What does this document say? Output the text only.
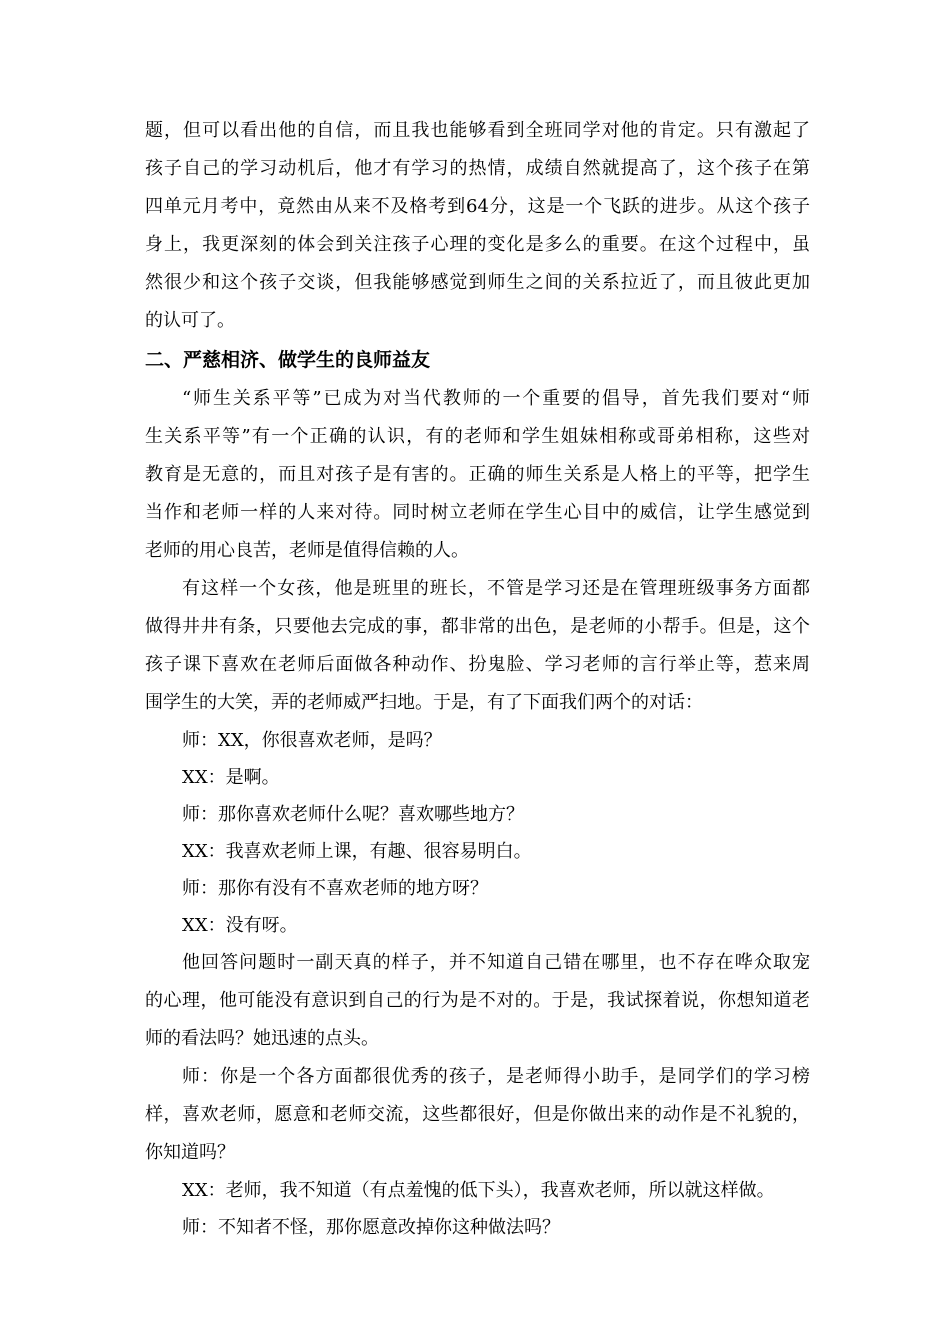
题，但可以看出他的自信，而且我也能够看到全班同学对他的肯定。只有激起了
孩子自己的学习动机后，他才有学习的热情，成绩自然就提高了，这个孩子在第
四单元月考中，竟然由从来不及格考到64分，这是一个飞跃的进步。从这个孩子
身上，我更深刻的体会到关注孩子心理的变化是多么的重要。在这个过程中，虽
然很少和这个孩子交谈，但我能够感觉到师生之间的关系拉近了，而且彼此更加
的认可了。
二、严慈相济、做学生的良师益友
“师生关系平等”已成为对当代教师的一个重要的倡导，首先我们要对“师
生关系平等”有一个正确的认识，有的老师和学生姐妹相称或哥弟相称，这些对
教育是无意的，而且对孩子是有害的。正确的师生关系是人格上的平等，把学生
当作和老师一样的人来对待。同时树立老师在学生心目中的威信，让学生感觉到
老师的用心良苦，老师是值得信赖的人。
有这样一个女孩，他是班里的班长，不管是学习还是在管理班级事务方面都
做得井井有条，只要他去完成的事，都非常的出色，是老师的小帮手。但是，这个
孩子课下喜欢在老师后面做各种动作、扮鬼脸、学习老师的言行举止等，惹来周
围学生的大笑，弄的老师威严扫地。于是，有了下面我们两个的对话：
师：XX，你很喜欢老师，是吗？
XX：是啊。
师：那你喜欢老师什么呢？喜欢哪些地方？
XX：我喜欢老师上课，有趣、很容易明白。
师：那你有没有不喜欢老师的地方呀？
XX：没有呀。
他回答问题时一副天真的样子，并不知道自己错在哪里，也不存在哗众取宠
的心理，他可能没有意识到自己的行为是不对的。于是，我试探着说，你想知道老
师的看法吗？她迅速的点头。
师：你是一个各方面都很优秀的孩子，是老师得小助手，是同学们的学习榜
样，喜欢老师，愿意和老师交流，这些都很好，但是你做出来的动作是不礼貌的，
你知道吗？
XX：老师，我不知道（有点羞愧的低下头），我喜欢老师，所以就这样做。
师：不知者不怪，那你愿意改掉你这种做法吗？
